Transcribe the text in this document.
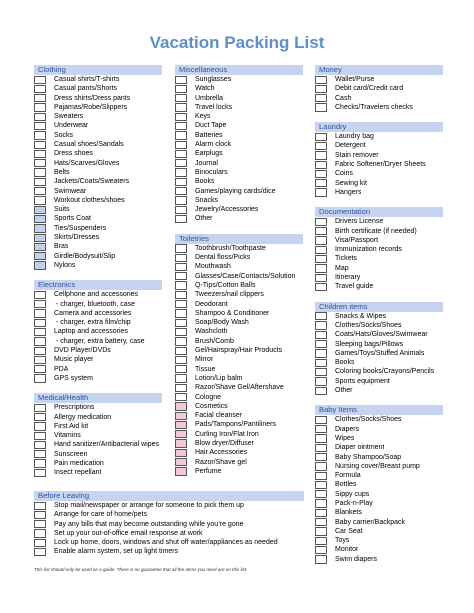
Vacation Packing List
Clothing
Casual shirts/T-shirts
Casual pants/Shorts
Dress shirts/Dress pants
Pajamas/Robe/Slippers
Sweaters
Underwear
Socks
Casual shoes/Sandals
Dress shoes
Hats/Scarves/Gloves
Belts
Jackets/Coats/Sweaters
Swimwear
Workout clothes/shoes
Suits
Sports Coat
Ties/Suspenders
Skirts/Dresses
Bras
Girdle/Bodysuit/Slip
Nylons
Electronics
Cellphone and accessories
- charger, bluetooth, case
Camera and accessories
- charger, extra film/chip
Laptop and accessories
- charger, extra battery, case
DVD Player/DVDs
Music player
PDA
GPS system
Medical/Health
Prescriptions
Allergy medication
First Aid kit
Vitamins
Hand sanitizer/Antibacterial wipes
Sunscreen
Pain medication
Insect repellant
Miscellaneous
Sunglasses
Watch
Umbrella
Travel locks
Keys
Duct Tape
Batteries
Alarm clock
Earplugs
Journal
Binoculars
Books
Games/playing cards/dice
Snacks
Jewelry/Accessories
Other
Toiletries
Toothbrush/Toothpaste
Dental floss/Picks
Mouthwash
Glasses/Case/Contacts/Solution
Q-Tips/Cotton Balls
Tweezers/nail clippers
Deodorant
Shampoo & Conditioner
Soap/Body Wash
Washcloth
Brush/Comb
Gel/Hairspray/Hair Products
Mirror
Tissue
Lotion/Lip balm
Razor/Shave Gel/Aftershave
Cologne
Cosmetics
Facial cleanser
Pads/Tampons/Pantiliners
Curling Iron/Flat Iron
Blow dryer/Diffuser
Hair Accessories
Razor/Shave gel
Perfume
Money
Wallet/Purse
Debit card/Credit card
Cash
Checks/Travelers checks
Laundry
Laundry bag
Detergent
Stain remover
Fabric Softener/Dryer Sheets
Coins
Sewing kit
Hangers
Documentation
Drivers License
Birth certificate (if needed)
Visa/Passport
Immunization records
Tickets
Map
Itinerary
Travel guide
Children items
Snacks & Wipes
Clothes/Socks/Shoes
Coats/Hats/Gloves/Swimwear
Sleeping bags/Pillows
Games/Toys/Stuffed Animals
Books
Coloring books/Crayons/Pencils
Sports equipment
Other
Baby Items
Clothes/Socks/Shoes
Diapers
Wipes
Diaper ointment
Baby Shampoo/Soap
Nursing cover/Breast pump
Formula
Bottles
Sippy cups
Pack-n-Play
Blankets
Baby carrier/Backpack
Car Seat
Toys
Monitor
Swim diapers
Before Leaving
Stop mail/newspaper or arrange for someone to pick them up
Arrange for care of home/pets
Pay any bills that may become outstanding while you’re gone
Set up your out-of-office email response at work
Lock up home, doors, windows and shut off water/appliances as needed
Enable alarm system, set up light timers
This list should only be used as a guide. There is no guarantee that all the items you need are on this list.
